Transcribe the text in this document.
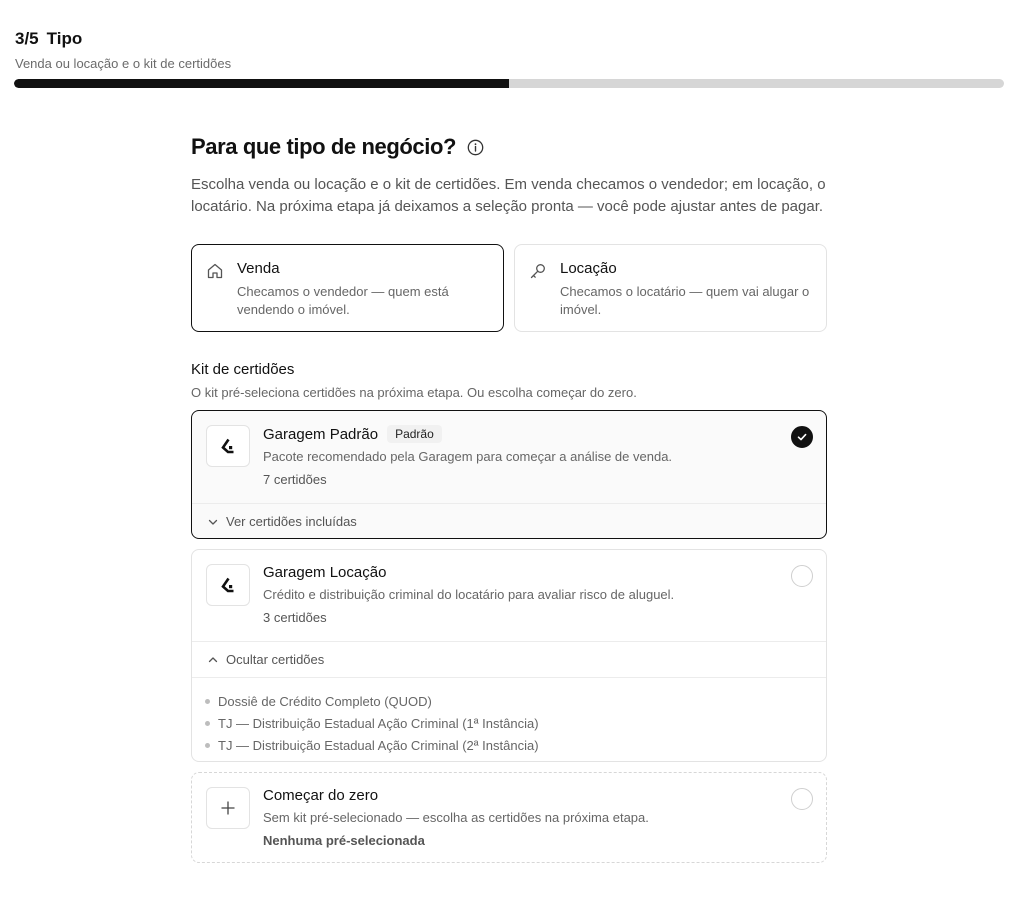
3/5 Tipo
Venda ou locação e o kit de certidões
Para que tipo de negócio?

Escolha venda ou locação e o kit de certidões. Em venda checamos o vendedor; em locação, o locatário. Na próxima etapa já deixamos a seleção pronta — você pode ajustar antes de pagar.

Venda
Checamos o vendedor — quem está vendendo o imóvel.
Locação
Checamos o locatário — quem vai alugar o imóvel.
Kit de certidões
O kit pré-seleciona certidões na próxima etapa. Ou escolha começar do zero.
Garagem Padrão	Padrão
Pacote recomendado pela Garagem para começar a análise de venda.
7 certidões
Ver certidões incluídas
Garagem Locação
Crédito e distribuição criminal do locatário para avaliar risco de aluguel.
3 certidões
Ocultar certidões
Dossiê de Crédito Completo (QUOD)
TJ — Distribuição Estadual Ação Criminal (1ª Instância)
TJ — Distribuição Estadual Ação Criminal (2ª Instância)
Começar do zero
Sem kit pré-selecionado — escolha as certidões na próxima etapa.
Nenhuma pré-selecionada
